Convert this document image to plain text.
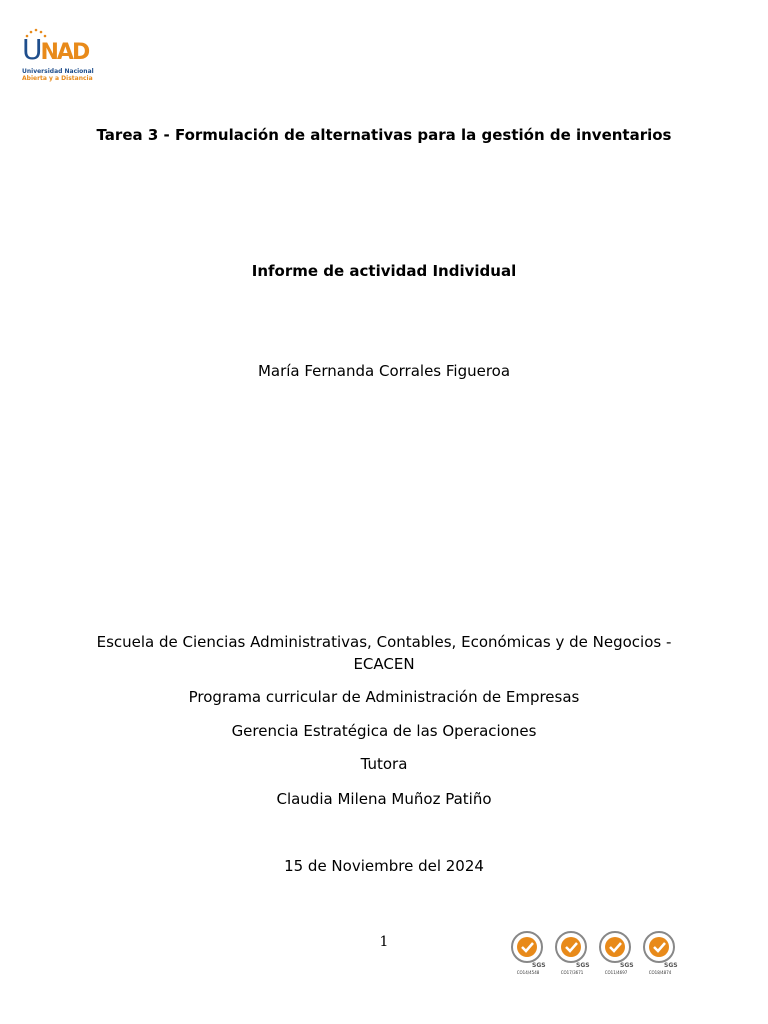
UNAD
Universidad Nacional
Abierta y a Distancia
Tarea 3 - Formulación de alternativas para la gestión de inventarios
Informe de actividad Individual
María Fernanda Corrales Figueroa
Escuela de Ciencias Administrativas, Contables, Económicas y de Negocios - ECACEN
Programa curricular de Administración de Empresas
Gerencia Estratégica de las Operaciones
Tutora
Claudia Milena Muñoz Patiño
15 de Noviembre del 2024
1
SGS
CO14/4548
SGS
CO17/3671
SGS
CO11/4697
SGS
CO18/4874
